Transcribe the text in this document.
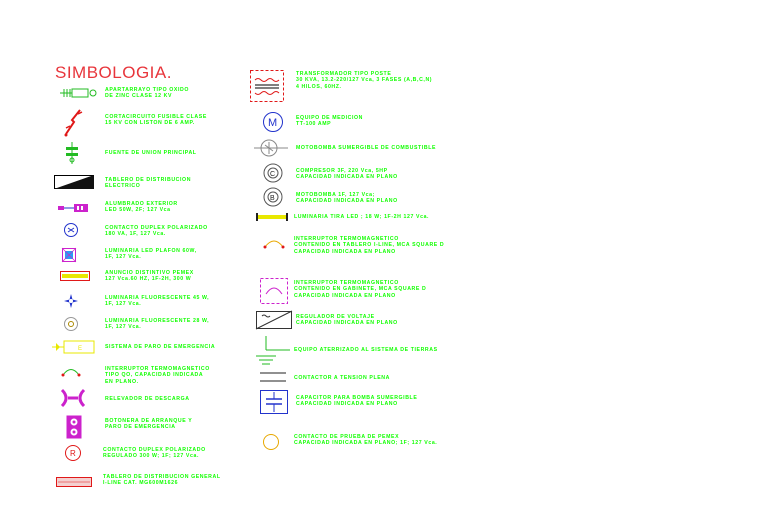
SIMBOLOGIA.
E
R
M
C
B
APARTARRAYO TIPO OXIDO
DE ZINC CLASE 12 KV
CORTACIRCUITO FUSIBLE CLASE
15 KV CON LISTON DE 6 AMP.
FUENTE DE UNION PRINCIPAL
TABLERO DE DISTRIBUCION
ELECTRICO
ALUMBRADO EXTERIOR
LED 50W, 2F; 127 Vca
CONTACTO DUPLEX POLARIZADO
180 VA, 1F, 127 Vca.
LUMINARIA LED PLAFON 60W,
1F, 127 Vca.
ANUNCIO DISTINTIVO PEMEX
127 Vca.60 HZ, 1F-2H, 300 W
LUMINARIA FLUORESCENTE 45 W,
1F, 127 Vca.
LUMINARIA FLUORESCENTE 28 W,
1F, 127 Vca.
SISTEMA DE PARO DE EMERGENCIA
INTERRUPTOR TERMOMAGNETICO
TIPO QO, CAPACIDAD INDICADA
EN PLANO.
RELEVADOR DE DESCARGA
BOTONERA DE ARRANQUE Y
PARO DE EMERGENCIA
CONTACTO DUPLEX POLARIZADO
REGULADO 300 W; 1F; 127 Vca.
TABLERO DE DISTRIBUCION GENERAL
I-LINE CAT. MG600M1626
TRANSFORMADOR TIPO POSTE
30 KVA, 13.2-220/127 Vca, 3 FASES (A,B,C,N)
4 HILOS, 60HZ.
EQUIPO DE MEDICION
TT-100 AMP
MOTOBOMBA SUMERGIBLE DE COMBUSTIBLE
COMPRESOR 3F, 220 Vca, 5HP
CAPACIDAD INDICADA EN PLANO
MOTOBOMBA 1F, 127 Vca;
CAPACIDAD INDICADA EN PLANO
LUMINARIA TIRA LED ; 18 W; 1F-2H 127 Vca.
INTERRUPTOR TERMOMAGNETICO
CONTENIDO EN TABLERO I-LINE, MCA SQUARE D
CAPACIDAD INDICADA EN PLANO
INTERRUPTOR TERMOMAGNETICO
CONTENIDO EN GABINETE, MCA SQUARE D
CAPACIDAD INDICADA EN PLANO
REGULADOR DE VOLTAJE
CAPACIDAD INDICADA EN PLANO
EQUIPO ATERRIZADO AL SISTEMA DE TIERRAS
CONTACTOR A TENSION PLENA
CAPACITOR PARA BOMBA SUMERGIBLE
CAPACIDAD INDICADA EN PLANO
CONTACTO DE PRUEBA DE PEMEX
CAPACIDAD INDICADA EN PLANO; 1F; 127 Vca.
